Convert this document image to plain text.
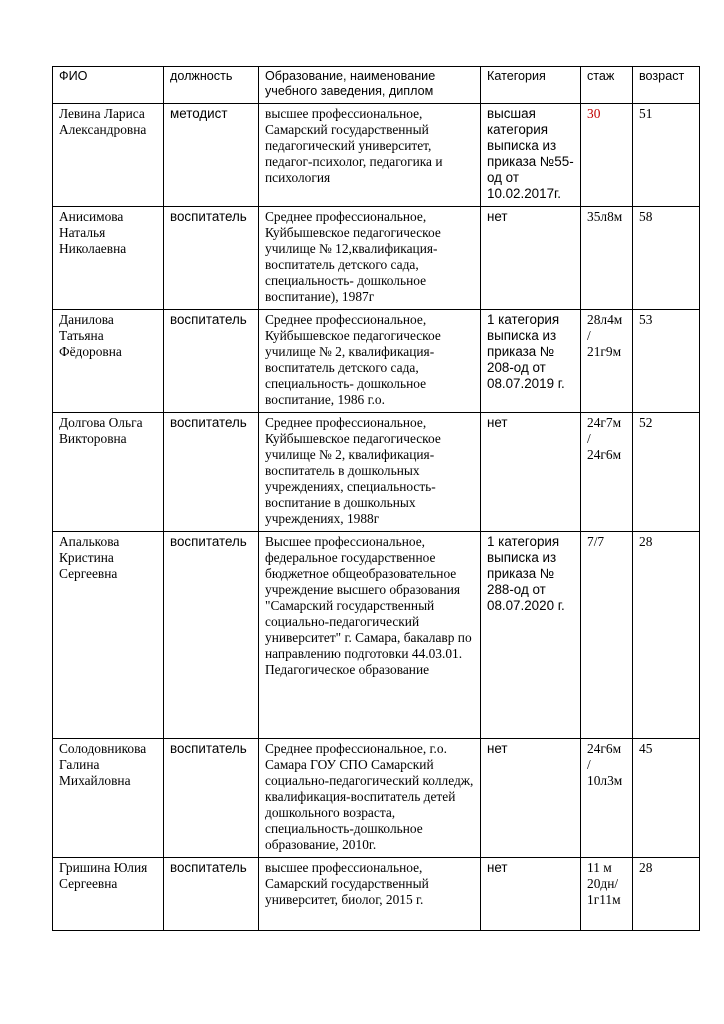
ФИО	должность	Образование, наименование учебного заведения, диплом	Категория	стаж	возраст
Левина Лариса Александровна	методист	высшее профессиональное, Самарский государственный педагогический университет, педагог-психолог, педагогика и психология	высшая категория выписка из приказа №55-од от 10.02.2017г.	30	51
Анисимова Наталья Николаевна	воспитатель	Среднее профессиональное, Куйбышевское педагогическое училище № 12,квалификация-воспитатель детского сада, специальность- дошкольное воспитание), 1987г	нет	35л8м	58
Данилова Татьяна Фёдоровна	воспитатель	Среднее профессиональное, Куйбышевское педагогическое училище № 2, квалификация-воспитатель детского сада, специальность- дошкольное воспитание, 1986 г.о.	1 категория выписка из приказа № 208-од от 08.07.2019 г.	28л4м / 21г9м	53
Долгова Ольга Викторовна	воспитатель	Среднее профессиональное, Куйбышевское педагогическое училище № 2, квалификация-воспитатель в дошкольных учреждениях, специальность-воспитание в дошкольных учреждениях, 1988г	нет	24г7м / 24г6м	52
Апалькова Кристина Сергеевна	воспитатель	Высшее профессиональное, федеральное государственное бюджетное общеобразовательное учреждение высшего образования "Самарский государственный социально-педагогический университет" г. Самара, бакалавр по направлению подготовки 44.03.01. Педагогическое образование	1 категория выписка из приказа № 288-од от 08.07.2020 г.	7/7	28
Солодовникова Галина Михайловна	воспитатель	Среднее профессиональное, г.о. Самара ГОУ СПО Самарский социально-педагогический колледж, квалификация-воспитатель детей дошкольного возраста, специальность-дошкольное образование, 2010г.	нет	24г6м / 10л3м	45
Гришина Юлия Сергеевна	воспитатель	высшее профессиональное, Самарский государственный университет, биолог, 2015 г.	нет	11 м 20дн/ 1г11м	28
